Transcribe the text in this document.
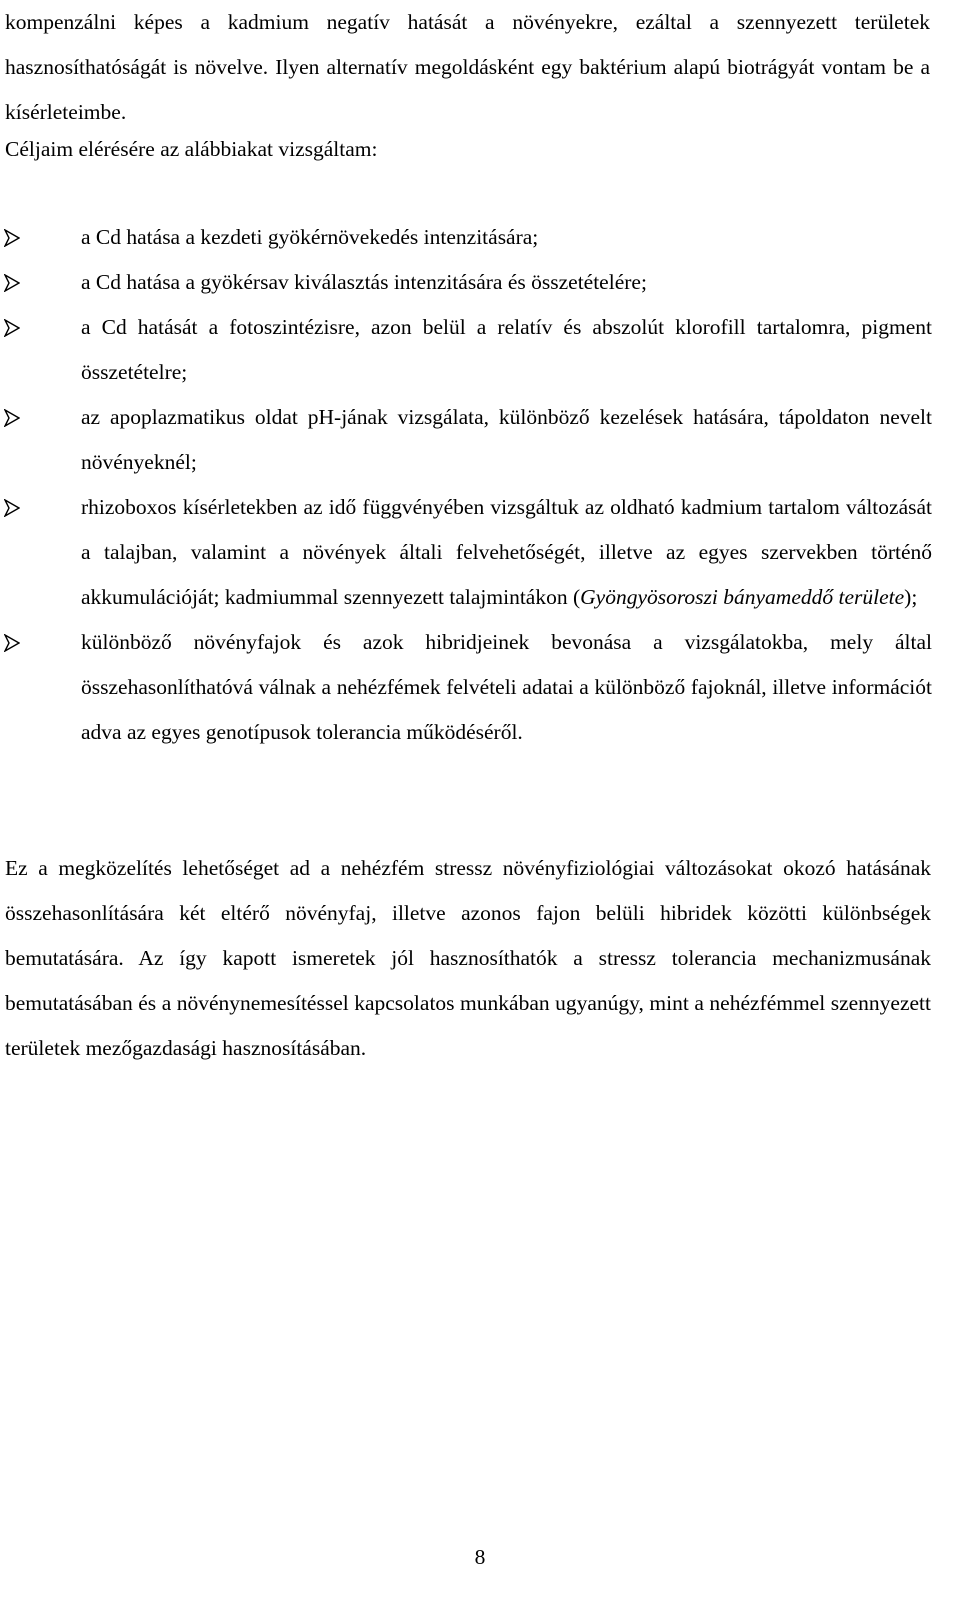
kompenzálni képes a kadmium negatív hatását a növényekre, ezáltal a szennyezett területek hasznosíthatóságát is növelve. Ilyen alternatív megoldásként egy baktérium alapú biotrágyát vontam be a kísérleteimbe.

Céljaim elérésére az alábbiakat vizsgáltam:

a Cd hatása a kezdeti gyökérnövekedés intenzitására;
a Cd hatása a gyökérsav kiválasztás intenzitására és összetételére;
a Cd hatását a fotoszintézisre, azon belül a relatív és abszolút klorofill tartalomra, pigment összetételre;
az apoplazmatikus oldat pH-jának vizsgálata, különböző kezelések hatására, tápoldaton nevelt növényeknél;
rhizoboxos kísérletekben az idő függvényében vizsgáltuk az oldható kadmium tartalom változását a talajban, valamint a növények általi felvehetőségét, illetve az egyes szervekben történő akkumulációját; kadmiummal szennyezett talajmintákon (Gyöngyösoroszi bányameddő területe);
különböző növényfajok és azok hibridjeinek bevonása a vizsgálatokba, mely által összehasonlíthatóvá válnak a nehézfémek felvételi adatai a különböző fajoknál, illetve információt adva az egyes genotípusok tolerancia működéséről.

Ez a megközelítés lehetőséget ad a nehézfém stressz növényfiziológiai változásokat okozó hatásának összehasonlítására két eltérő növényfaj, illetve azonos fajon belüli hibridek közötti különbségek bemutatására. Az így kapott ismeretek jól hasznosíthatók a stressz tolerancia mechanizmusának bemutatásában és a növénynemesítéssel kapcsolatos munkában ugyanúgy, mint a nehézfémmel szennyezett területek mezőgazdasági hasznosításában.

8
